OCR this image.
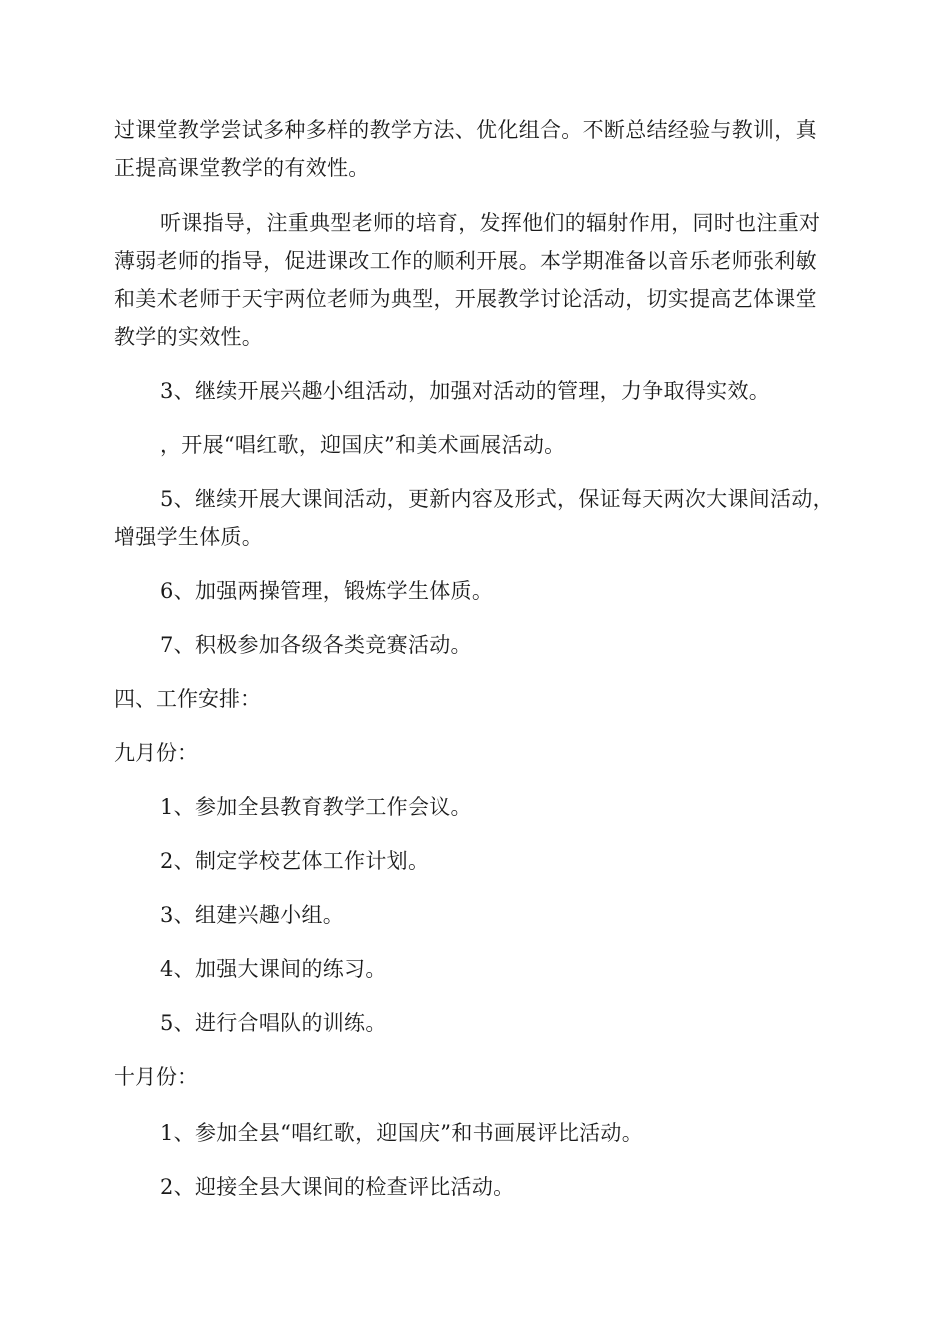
过课堂教学尝试多种多样的教学方法、优化组合。不断总结经验与教训，真正提高课堂教学的有效性。

听课指导，注重典型老师的培育，发挥他们的辐射作用，同时也注重对薄弱老师的指导，促进课改工作的顺利开展。本学期准备以音乐老师张利敏和美术老师于天宇两位老师为典型，开展教学讨论活动，切实提高艺体课堂教学的实效性。

3、继续开展兴趣小组活动，加强对活动的管理，力争取得实效。

，开展“唱红歌，迎国庆”和美术画展活动。

5、继续开展大课间活动，更新内容及形式，保证每天两次大课间活动，增强学生体质。

6、加强两操管理，锻炼学生体质。

7、积极参加各级各类竞赛活动。

四、工作安排：

九月份：

1、参加全县教育教学工作会议。

2、制定学校艺体工作计划。

3、组建兴趣小组。

4、加强大课间的练习。

5、进行合唱队的训练。

十月份：

1、参加全县“唱红歌，迎国庆”和书画展评比活动。

2、迎接全县大课间的检查评比活动。
